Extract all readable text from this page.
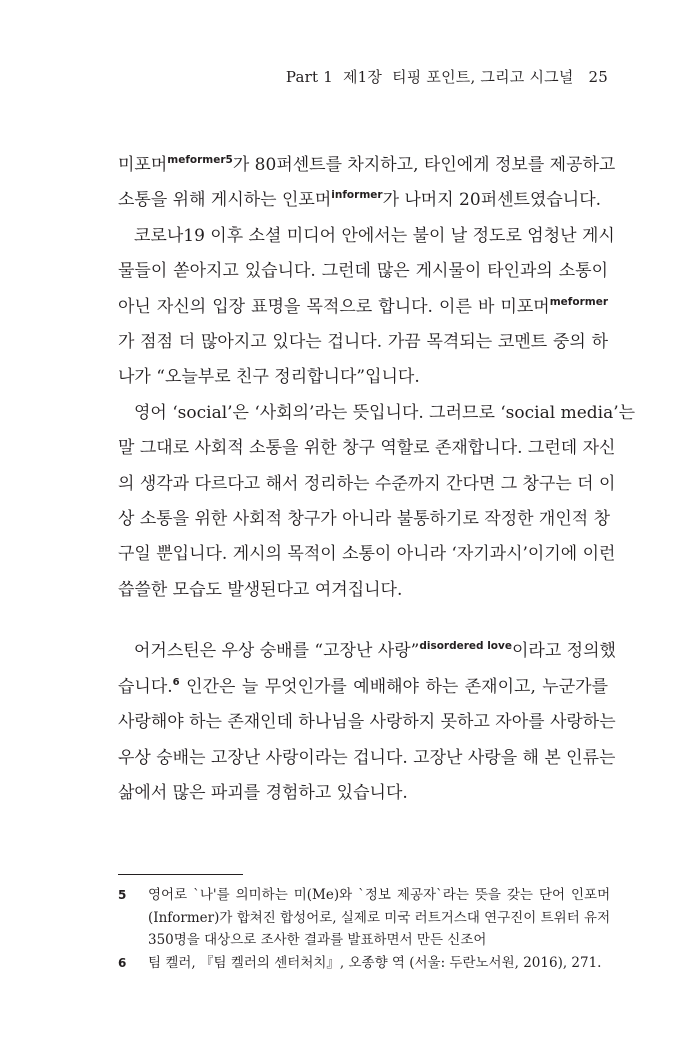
Part 1 제1장 티핑 포인트, 그리고 시그널 25
미포머$^{meformer5}$가 80퍼센트를 차지하고, 타인에게 정보를 제공하고
소통을 위해 게시하는 인포머$^{informer}$가 나머지 20퍼센트였습니다.
코로나19 이후 소셜 미디어 안에서는 불이 날 정도로 엄청난 게시
물들이 쏟아지고 있습니다. 그런데 많은 게시물이 타인과의 소통이
아닌 자신의 입장 표명을 목적으로 합니다. 이른 바 미포머$^{meformer}$
가 점점 더 많아지고 있다는 겁니다. 가끔 목격되는 코멘트 중의 하
나가 “오늘부로 친구 정리합니다”입니다.
영어 ‘social’은 ‘사회의’라는 뜻입니다. 그러므로 ‘social media’는
말 그대로 사회적 소통을 위한 창구 역할로 존재합니다. 그런데 자신
의 생각과 다르다고 해서 정리하는 수준까지 간다면 그 창구는 더 이
상 소통을 위한 사회적 창구가 아니라 불통하기로 작정한 개인적 창
구일 뿐입니다. 게시의 목적이 소통이 아니라 ‘자기과시’이기에 이런
씁쓸한 모습도 발생된다고 여겨집니다.
어거스틴은 우상 숭배를 “고장난 사랑”$^{disordered love}$이라고 정의했
습니다.$^6$ 인간은 늘 무엇인가를 예배해야 하는 존재이고, 누군가를
사랑해야 하는 존재인데 하나님을 사랑하지 못하고 자아를 사랑하는
우상 숭배는 고장난 사랑이라는 겁니다. 고장난 사랑을 해 본 인류는
삶에서 많은 파괴를 경험하고 있습니다.
5	영어로 `나'를 의미하는 미(Me)와 `정보 제공자`라는 뜻을 갖는 단어 인포머
(Informer)가 합쳐진 합성어로, 실제로 미국 러트거스대 연구진이 트위터 유저
350명을 대상으로 조사한 결과를 발표하면서 만든 신조어
6	팀 켈러, 『팀 켈러의 센터처치』, 오종향 역 (서울: 두란노서원, 2016), 271.
